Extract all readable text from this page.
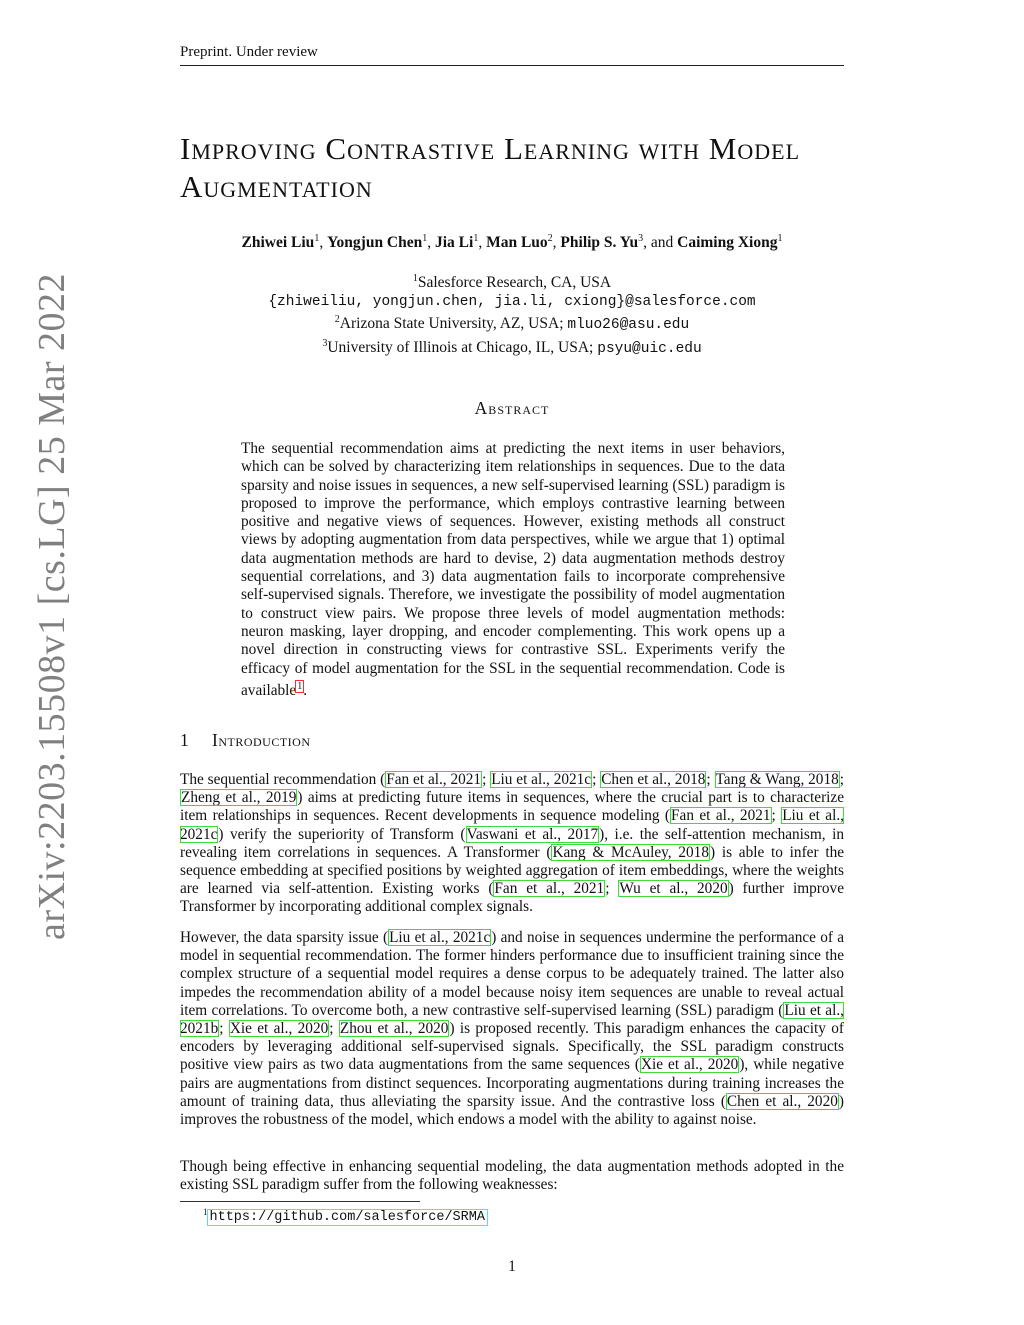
Preprint. Under review
arXiv:2203.15508v1 [cs.LG] 25 Mar 2022
Improving Contrastive Learning with Model
Augmentation
Zhiwei Liu$^1$, Yongjun Chen$^1$, Jia Li$^1$, Man Luo$^2$, Philip S. Yu$^3$, and Caiming Xiong$^1$
$^1$Salesforce Research, CA, USA
{zhiweiliu, yongjun.chen, jia.li, cxiong}@salesforce.com
$^2$Arizona State University, AZ, USA; mluo26@asu.edu
$^3$University of Illinois at Chicago, IL, USA; psyu@uic.edu
Abstract
The sequential recommendation aims at predicting the next items in user behaviors, which can be solved by characterizing item relationships in sequences. Due to the data sparsity and noise issues in sequences, a new self-supervised learning (SSL) paradigm is proposed to improve the performance, which employs contrastive learning between positive and negative views of sequences. However, existing methods all construct views by adopting augmentation from data perspectives, while we argue that 1) optimal data augmentation methods are hard to devise, 2) data augmentation methods destroy sequential correlations, and 3) data augmentation fails to incorporate comprehensive self-supervised signals. Therefore, we investigate the possibility of model augmentation to construct view pairs. We propose three levels of model augmentation methods: neuron masking, layer dropping, and encoder complementing. This work opens up a novel direction in constructing views for contrastive SSL. Experiments verify the efficacy of model augmentation for the SSL in the sequential recommendation. Code is available$^1$.
1 Introduction
The sequential recommendation (Fan et al., 2021; Liu et al., 2021c; Chen et al., 2018; Tang & Wang, 2018; Zheng et al., 2019) aims at predicting future items in sequences, where the crucial part is to characterize item relationships in sequences. Recent developments in sequence modeling (Fan et al., 2021; Liu et al., 2021c) verify the superiority of Transform (Vaswani et al., 2017), i.e. the self-attention mechanism, in revealing item correlations in sequences. A Transformer (Kang & McAuley, 2018) is able to infer the sequence embedding at specified positions by weighted aggregation of item embeddings, where the weights are learned via self-attention. Existing works (Fan et al., 2021; Wu et al., 2020) further improve Transformer by incorporating additional complex signals.
However, the data sparsity issue (Liu et al., 2021c) and noise in sequences undermine the performance of a model in sequential recommendation. The former hinders performance due to insufficient training since the complex structure of a sequential model requires a dense corpus to be adequately trained. The latter also impedes the recommendation ability of a model because noisy item sequences are unable to reveal actual item correlations. To overcome both, a new contrastive self-supervised learning (SSL) paradigm (Liu et al., 2021b; Xie et al., 2020; Zhou et al., 2020) is proposed recently. This paradigm enhances the capacity of encoders by leveraging additional self-supervised signals. Specifically, the SSL paradigm constructs positive view pairs as two data augmentations from the same sequences (Xie et al., 2020), while negative pairs are augmentations from distinct sequences. Incorporating augmentations during training increases the amount of training data, thus alleviating the sparsity issue. And the contrastive loss (Chen et al., 2020) improves the robustness of the model, which endows a model with the ability to against noise.
Though being effective in enhancing sequential modeling, the data augmentation methods adopted in the existing SSL paradigm suffer from the following weaknesses:
$^1$ https://github.com/salesforce/SRMA
1
